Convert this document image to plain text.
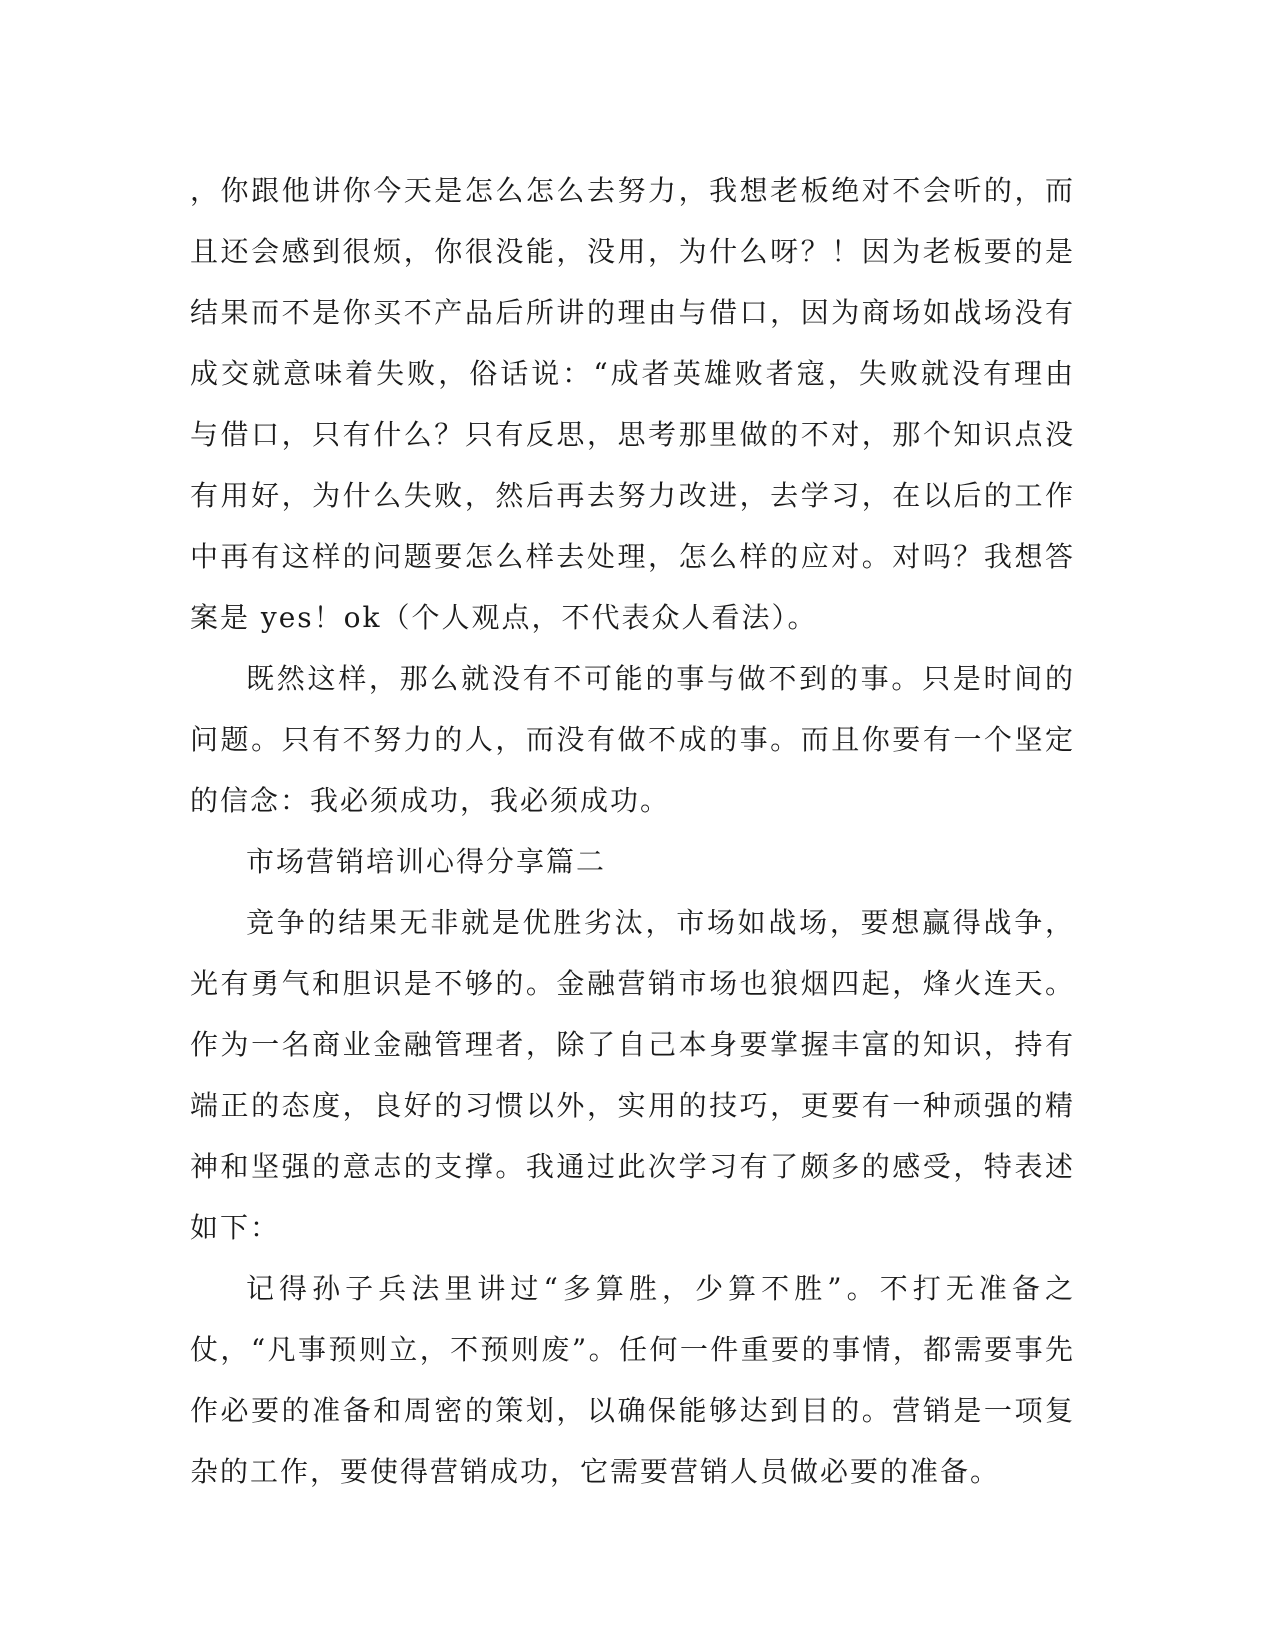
，你跟他讲你今天是怎么怎么去努力，我想老板绝对不会听的，而且还会感到很烦，你很没能，没用，为什么呀？！因为老板要的是结果而不是你买不产品后所讲的理由与借口，因为商场如战场没有成交就意味着失败，俗话说：“成者英雄败者寇，失败就没有理由与借口，只有什么？只有反思，思考那里做的不对，那个知识点没有用好，为什么失败，然后再去努力改进，去学习，在以后的工作中再有这样的问题要怎么样去处理，怎么样的应对。对吗？我想答案是 yes！ok（个人观点，不代表众人看法）。

既然这样，那么就没有不可能的事与做不到的事。只是时间的问题。只有不努力的人，而没有做不成的事。而且你要有一个坚定的信念：我必须成功，我必须成功。

市场营销培训心得分享篇二

竞争的结果无非就是优胜劣汰，市场如战场，要想赢得战争，光有勇气和胆识是不够的。金融营销市场也狼烟四起，烽火连天。作为一名商业金融管理者，除了自己本身要掌握丰富的知识，持有端正的态度，良好的习惯以外，实用的技巧，更要有一种顽强的精神和坚强的意志的支撑。我通过此次学习有了颇多的感受，特表述如下：

记得孙子兵法里讲过“多算胜，少算不胜”。不打无准备之仗，“凡事预则立，不预则废”。任何一件重要的事情，都需要事先作必要的准备和周密的策划，以确保能够达到目的。营销是一项复杂的工作，要使得营销成功，它需要营销人员做必要的准备。
